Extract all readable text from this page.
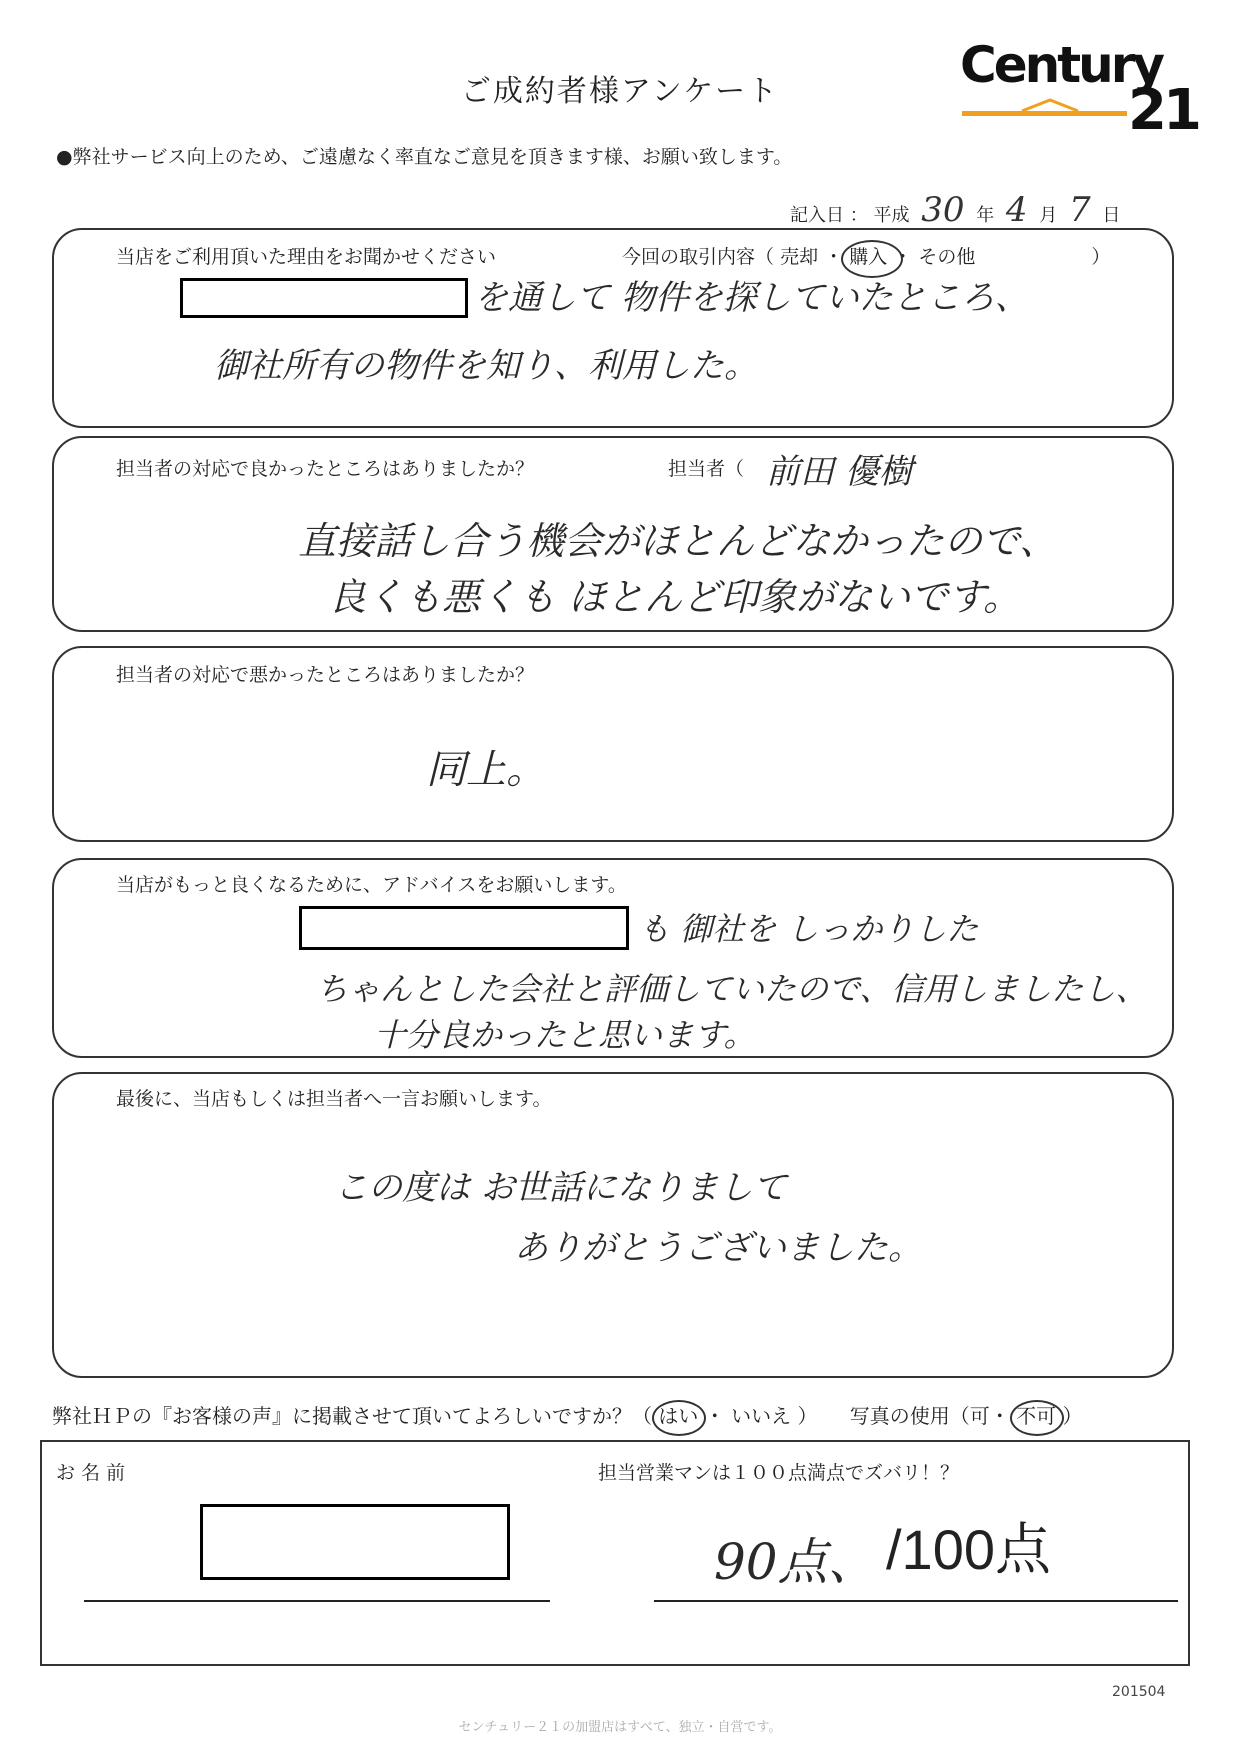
ご成約者様アンケート	Century
21
●弊社サービス向上のため、ご遠慮なく率直なご意見を頂きます様、お願い致します。
記入日 ： 平成 30 年 4 月 7 日
当店をご利用頂いた理由をお聞かせください	今回の取引内容（ 売却 ・ 購入 ・ その他	）
を通して 物件を探していたところ、
御社所有の物件を知り、利用した。
担当者の対応で良かったところはありましたか？	担当者（ 前田 優樹
直接話し合う機会がほとんどなかったので、
良くも悪くも ほとんど印象がないです。
担当者の対応で悪かったところはありましたか？
同上。
当店がもっと良くなるために、アドバイスをお願いします。
も 御社を しっかりした
ちゃんとした会社と評価していたので、信用しましたし、
十分良かったと思います。
最後に、当店もしくは担当者へ一言お願いします。
この度は お世話になりまして
ありがとうございました。
弊社ＨＰの『お客様の声』に掲載させて頂いてよろしいですか？（ はい ・ いいえ ） 写真の使用（可・ 不可 ）
お 名 前	担当営業マンは１００点満点でズバリ！？
90点、 /100点
201504
センチュリー２１の加盟店はすべて、独立・自営です。
